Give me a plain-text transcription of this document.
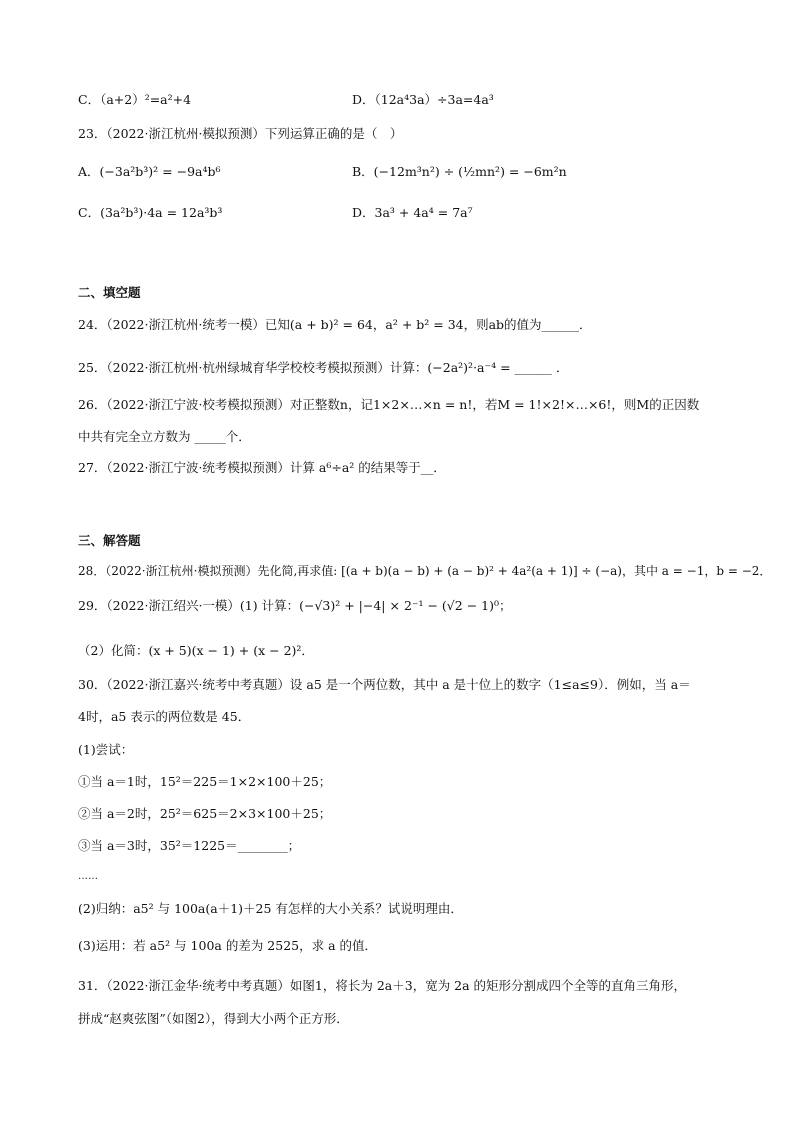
C．（a+2）²=a²+4	D．（12a⁴3a）÷3a=4a³
23．（2022·浙江杭州·模拟预测）下列运算正确的是（　）
A．(−3a²b³)² = −9a⁴b⁶	B．(−12m³n²) ÷ (½mn²) = −6m²n
C．(3a²b³)·4a = 12a³b³	D．3a³ + 4a⁴ = 7a⁷
二、填空题
24．（2022·浙江杭州·统考一模）已知(a + b)² = 64，a² + b² = 34，则ab的值为______．
25．（2022·浙江杭州·杭州绿城育华学校校考模拟预测）计算：(−2a²)²·a⁻⁴ = ______ ．
26．（2022·浙江宁波·校考模拟预测）对正整数n，记1×2×…×n = n!，若M = 1!×2!×…×6!，则M的正因数
中共有完全立方数为 _____个．
27．（2022·浙江宁波·统考模拟预测）计算 a⁶÷a² 的结果等于__．
三、解答题
28．（2022·浙江杭州·模拟预测）先化简,再求值: [(a + b)(a − b) + (a − b)² + 4a²(a + 1)] ÷ (−a)，其中 a = −1，b = −2．
29．（2022·浙江绍兴·一模）(1) 计算：(−√3)² + |−4| × 2⁻¹ − (√2 − 1)⁰；
（2）化简：(x + 5)(x − 1) + (x − 2)²．
30．（2022·浙江嘉兴·统考中考真题）设 a5 是一个两位数，其中 a 是十位上的数字（1≤a≤9）．例如，当 a＝
4时，a5 表示的两位数是 45．
(1)尝试：
①当 a＝1时，15²＝225＝1×2×100＋25；
②当 a＝2时，25²＝625＝2×3×100＋25；
③当 a＝3时，35²＝1225＝________；
……
(2)归纳：a5² 与 100a(a＋1)＋25 有怎样的大小关系？试说明理由．
(3)运用：若 a5² 与 100a 的差为 2525，求 a 的值．
31．（2022·浙江金华·统考中考真题）如图1，将长为 2a＋3，宽为 2a 的矩形分割成四个全等的直角三角形，
拼成“赵爽弦图”（如图2），得到大小两个正方形．
